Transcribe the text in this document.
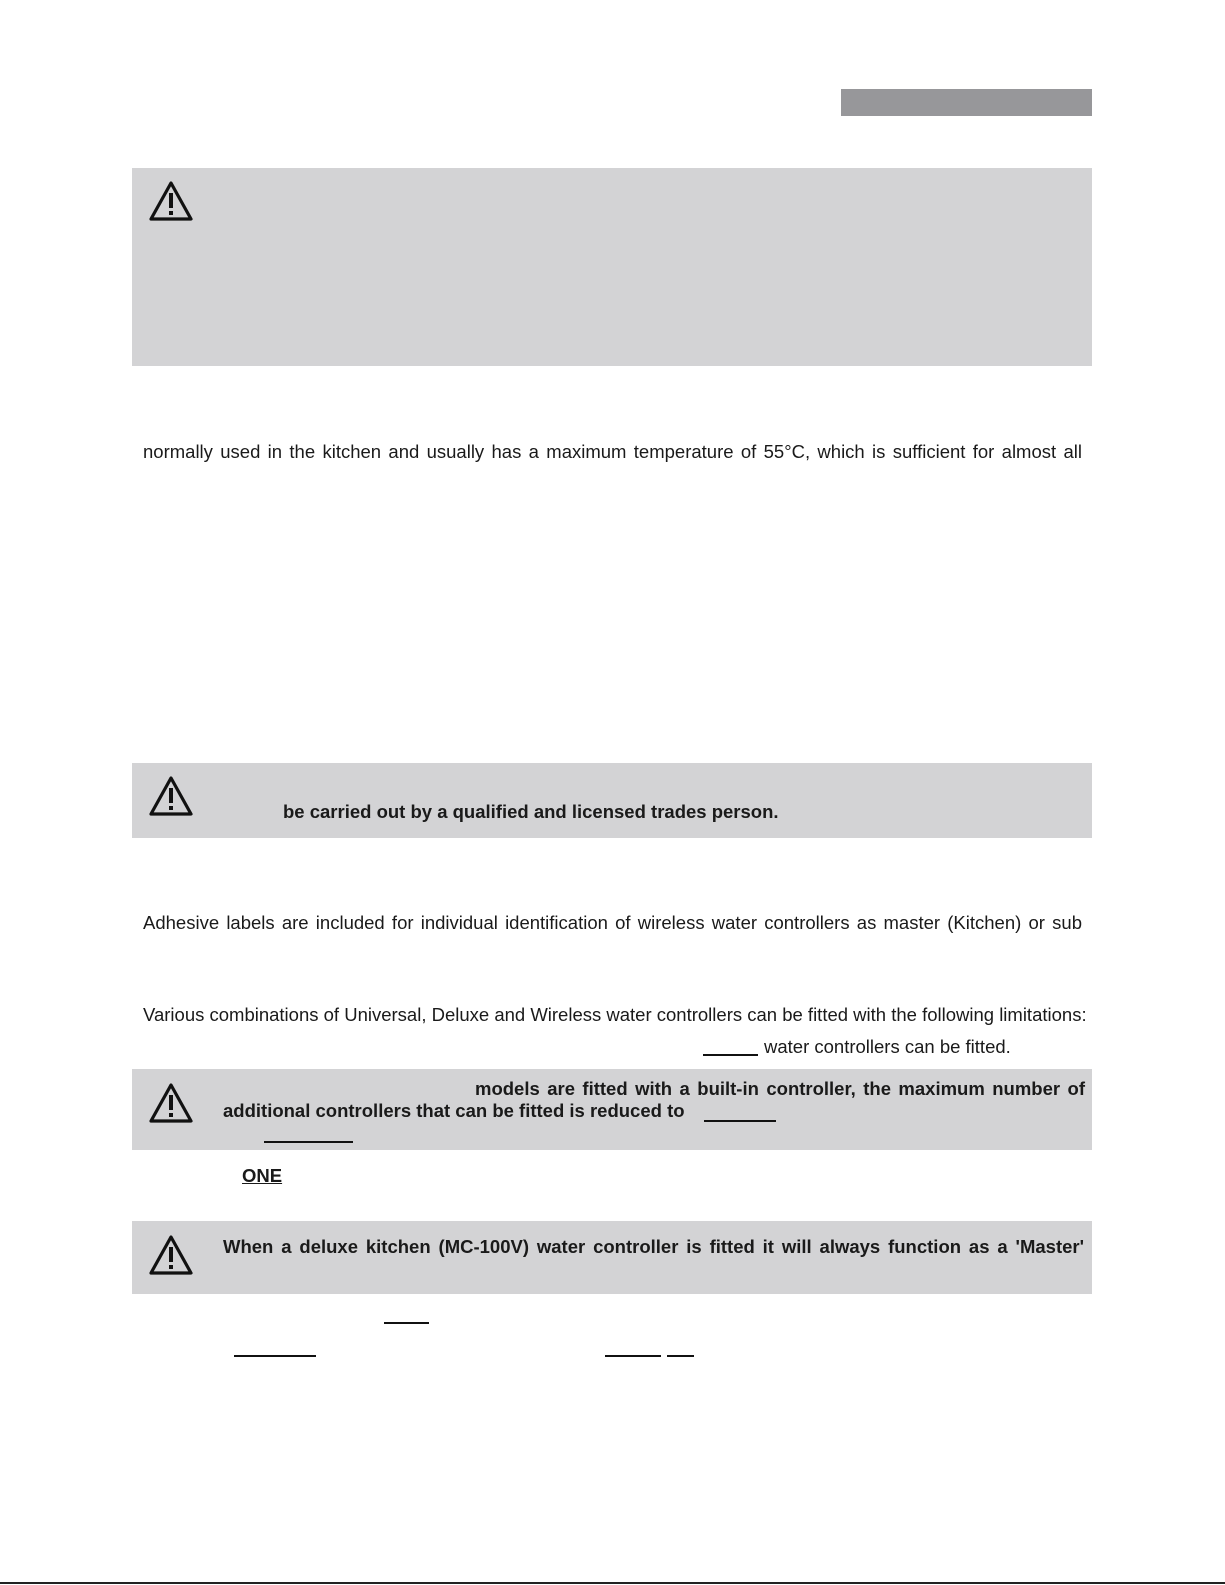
normally used in the kitchen and usually has a maximum temperature of 55°C, which is sufficient for almost all
be carried out by a qualified and licensed trades person.
Adhesive labels are included for individual identification of wireless water controllers as master (Kitchen) or sub
Various combinations of Universal, Deluxe and Wireless water controllers can be fitted with the following limitations:
water controllers can be fitted.
models are fitted with a built-in controller, the maximum number of
additional controllers that can be fitted is reduced to
ONE
When a deluxe kitchen (MC-100V) water controller is fitted it will always function as a 'Master'
